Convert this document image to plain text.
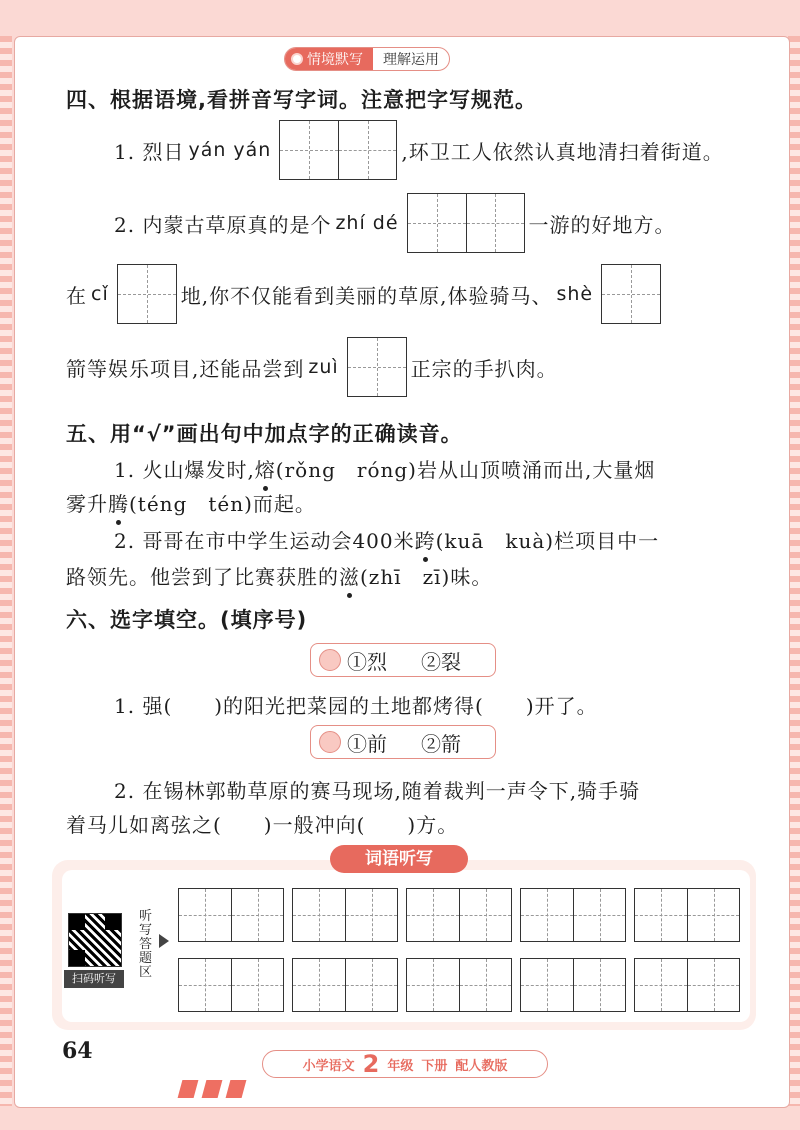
情境默写	理解运用
四、根据语境,看拼音写字词。注意把字写规范。
1. 烈日 yán yán	,环卫工人依然认真地清扫着街道。
2. 内蒙古草原真的是个 zhí dé	一游的好地方。
在 cǐ	地,你不仅能看到美丽的草原,体验骑马、 shè
箭等娱乐项目,还能品尝到 zuì	正宗的手扒肉。
五、用“√”画出句中加点字的正确读音。
1. 火山爆发时, 熔 (rǒng　róng)岩从山顶喷涌而出,大量烟
雾升 腾 (téng　tén)而起。
2. 哥哥在市中学生运动会400米 跨 (kuā　kuà)栏项目中一
路领先。他尝到了比赛获胜的 滋 (zhī　zī)味。
六、选字填空。(填序号)
①烈 ②裂
1. 强(　　)的阳光把菜园的土地都烤得(　　)开了。
①前 ②箭
2. 在锡林郭勒草原的赛马现场,随着裁判一声令下,骑手骑
着马儿如离弦之(　　)一般冲向(　　)方。
词语听写
扫码听写
听写答题区
64
小学语文 2 年级 下册 配人教版
